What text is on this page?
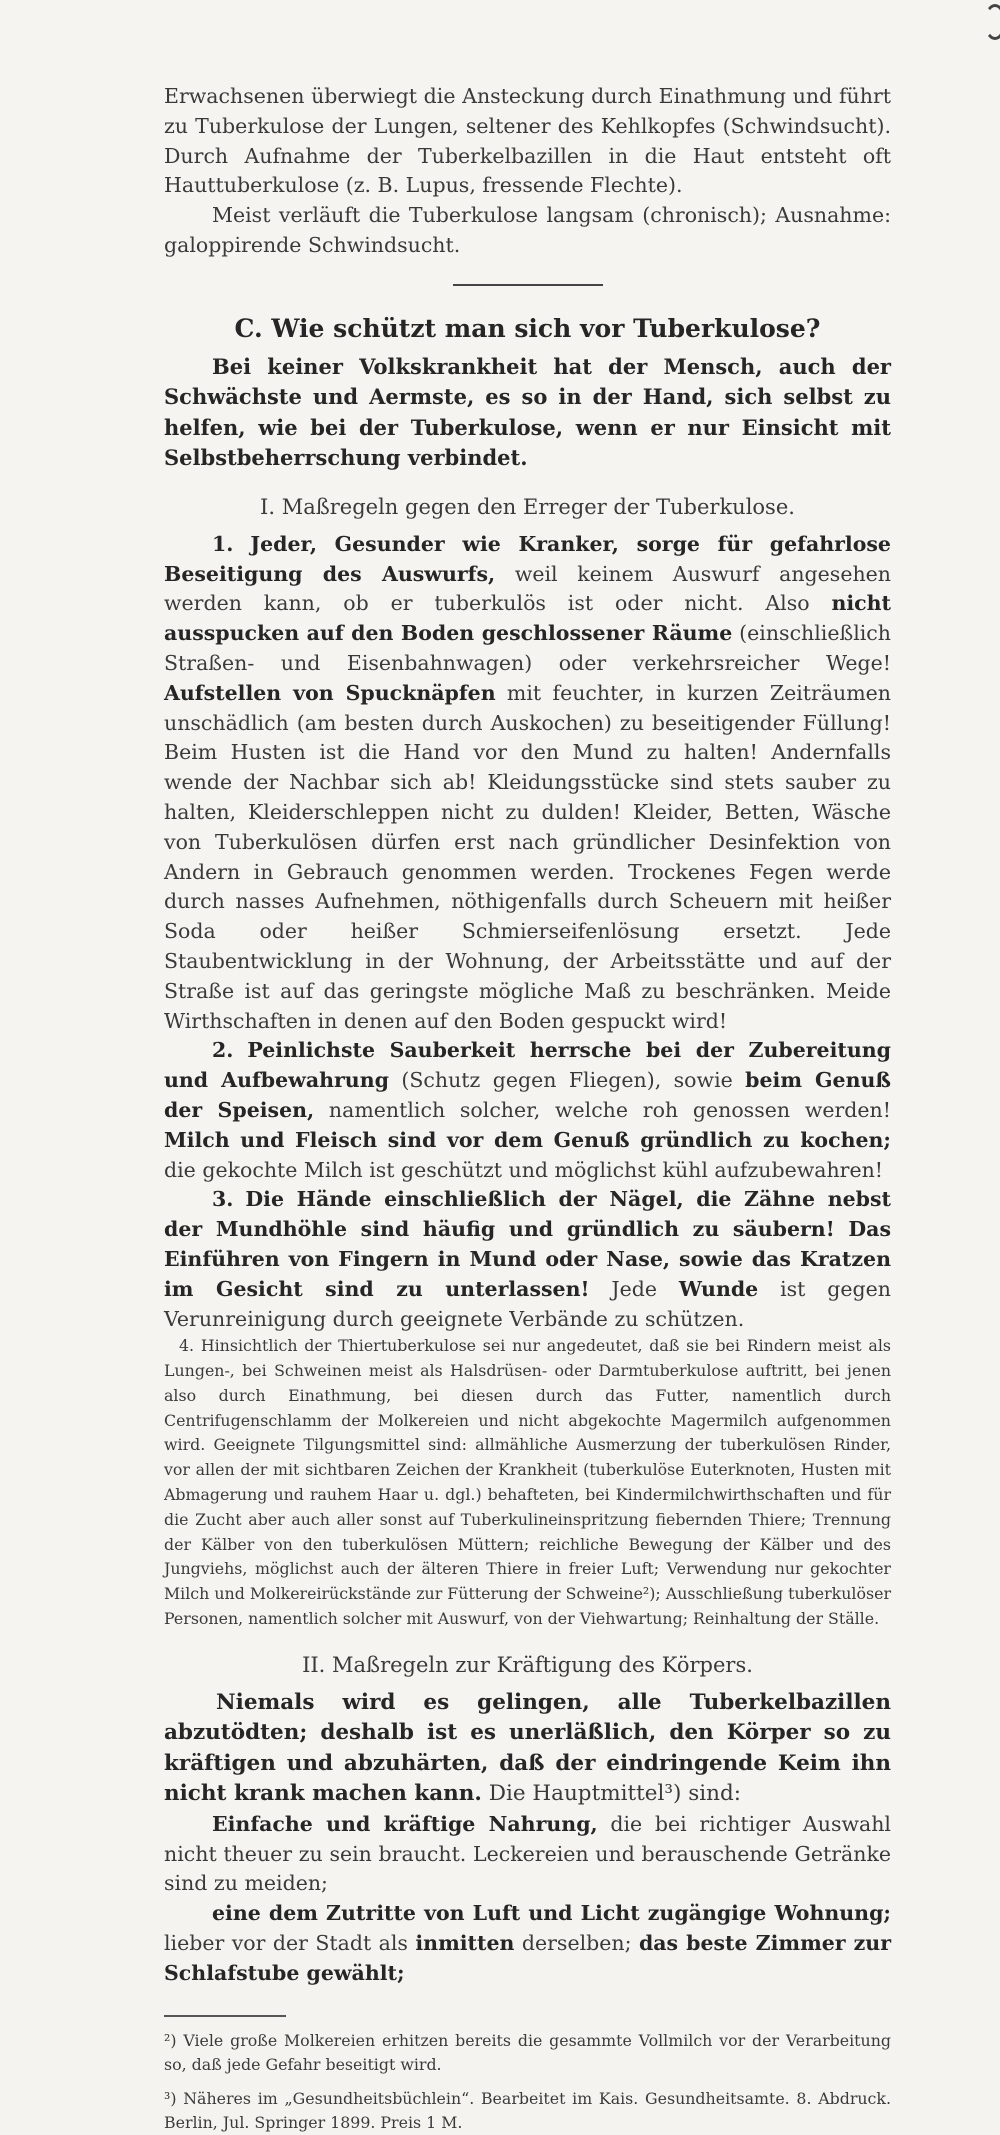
Erwachsenen überwiegt die Ansteckung durch Einathmung und führt zu Tuberkulose der Lungen, seltener des Kehlkopfes (Schwindsucht). Durch Aufnahme der Tuberkelbazillen in die Haut entsteht oft Hauttuberkulose (z. B. Lupus, fressende Flechte).

Meist verläuft die Tuberkulose langsam (chronisch); Ausnahme: galoppirende Schwindsucht.

C. Wie schützt man sich vor Tuberkulose?

Bei keiner Volkskrankheit hat der Mensch, auch der Schwächste und Aermste, es so in der Hand, sich selbst zu helfen, wie bei der Tuberkulose, wenn er nur Einsicht mit Selbstbeherrschung verbindet.

I. Maßregeln gegen den Erreger der Tuberkulose.

1. Jeder, Gesunder wie Kranker, sorge für gefahrlose Beseitigung des Auswurfs, weil keinem Auswurf angesehen werden kann, ob er tuberkulös ist oder nicht. Also nicht ausspucken auf den Boden geschlossener Räume (einschließlich Straßen- und Eisenbahnwagen) oder verkehrsreicher Wege! Aufstellen von Spucknäpfen mit feuchter, in kurzen Zeiträumen unschädlich (am besten durch Auskochen) zu beseitigender Füllung! Beim Husten ist die Hand vor den Mund zu halten! Andernfalls wende der Nachbar sich ab! Kleidungsstücke sind stets sauber zu halten, Kleiderschleppen nicht zu dulden! Kleider, Betten, Wäsche von Tuberkulösen dürfen erst nach gründlicher Desinfektion von Andern in Gebrauch genommen werden. Trockenes Fegen werde durch nasses Aufnehmen, nöthigenfalls durch Scheuern mit heißer Soda oder heißer Schmierseifenlösung ersetzt. Jede Staubentwicklung in der Wohnung, der Arbeitsstätte und auf der Straße ist auf das geringste mögliche Maß zu beschränken. Meide Wirthschaften in denen auf den Boden gespuckt wird!

2. Peinlichste Sauberkeit herrsche bei der Zubereitung und Aufbewahrung (Schutz gegen Fliegen), sowie beim Genuß der Speisen, namentlich solcher, welche roh genossen werden! Milch und Fleisch sind vor dem Genuß gründlich zu kochen; die gekochte Milch ist geschützt und möglichst kühl aufzubewahren!

3. Die Hände einschließlich der Nägel, die Zähne nebst der Mundhöhle sind häufig und gründlich zu säubern! Das Einführen von Fingern in Mund oder Nase, sowie das Kratzen im Gesicht sind zu unterlassen! Jede Wunde ist gegen Verunreinigung durch geeignete Verbände zu schützen.

4. Hinsichtlich der Thiertuberkulose sei nur angedeutet, daß sie bei Rindern meist als Lungen-, bei Schweinen meist als Halsdrüsen- oder Darmtuberkulose auftritt, bei jenen also durch Einathmung, bei diesen durch das Futter, namentlich durch Centrifugenschlamm der Molkereien und nicht abgekochte Magermilch aufgenommen wird. Geeignete Tilgungsmittel sind: allmähliche Ausmerzung der tuberkulösen Rinder, vor allen der mit sichtbaren Zeichen der Krankheit (tuberkulöse Euterknoten, Husten mit Abmagerung und rauhem Haar u. dgl.) behafteten, bei Kindermilchwirthschaften und für die Zucht aber auch aller sonst auf Tuberkulineinspritzung fiebernden Thiere; Trennung der Kälber von den tuberkulösen Müttern; reichliche Bewegung der Kälber und des Jungviehs, möglichst auch der älteren Thiere in freier Luft; Verwendung nur gekochter Milch und Molkereirückstände zur Fütterung der Schweine²); Ausschließung tuberkulöser Personen, namentlich solcher mit Auswurf, von der Viehwartung; Reinhaltung der Ställe.

II. Maßregeln zur Kräftigung des Körpers.

Niemals wird es gelingen, alle Tuberkelbazillen abzutödten; deshalb ist es unerläßlich, den Körper so zu kräftigen und abzuhärten, daß der eindringende Keim ihn nicht krank machen kann. Die Hauptmittel³) sind:

Einfache und kräftige Nahrung, die bei richtiger Auswahl nicht theuer zu sein braucht. Leckereien und berauschende Getränke sind zu meiden;

eine dem Zutritte von Luft und Licht zugängige Wohnung; lieber vor der Stadt als inmitten derselben; das beste Zimmer zur Schlafstube gewählt;

²) Viele große Molkereien erhitzen bereits die gesammte Vollmilch vor der Verarbeitung so, daß jede Gefahr beseitigt wird.

³) Näheres im „Gesundheitsbüchlein“. Bearbeitet im Kais. Gesundheitsamte. 8. Abdruck. Berlin, Jul. Springer 1899. Preis 1 M.
